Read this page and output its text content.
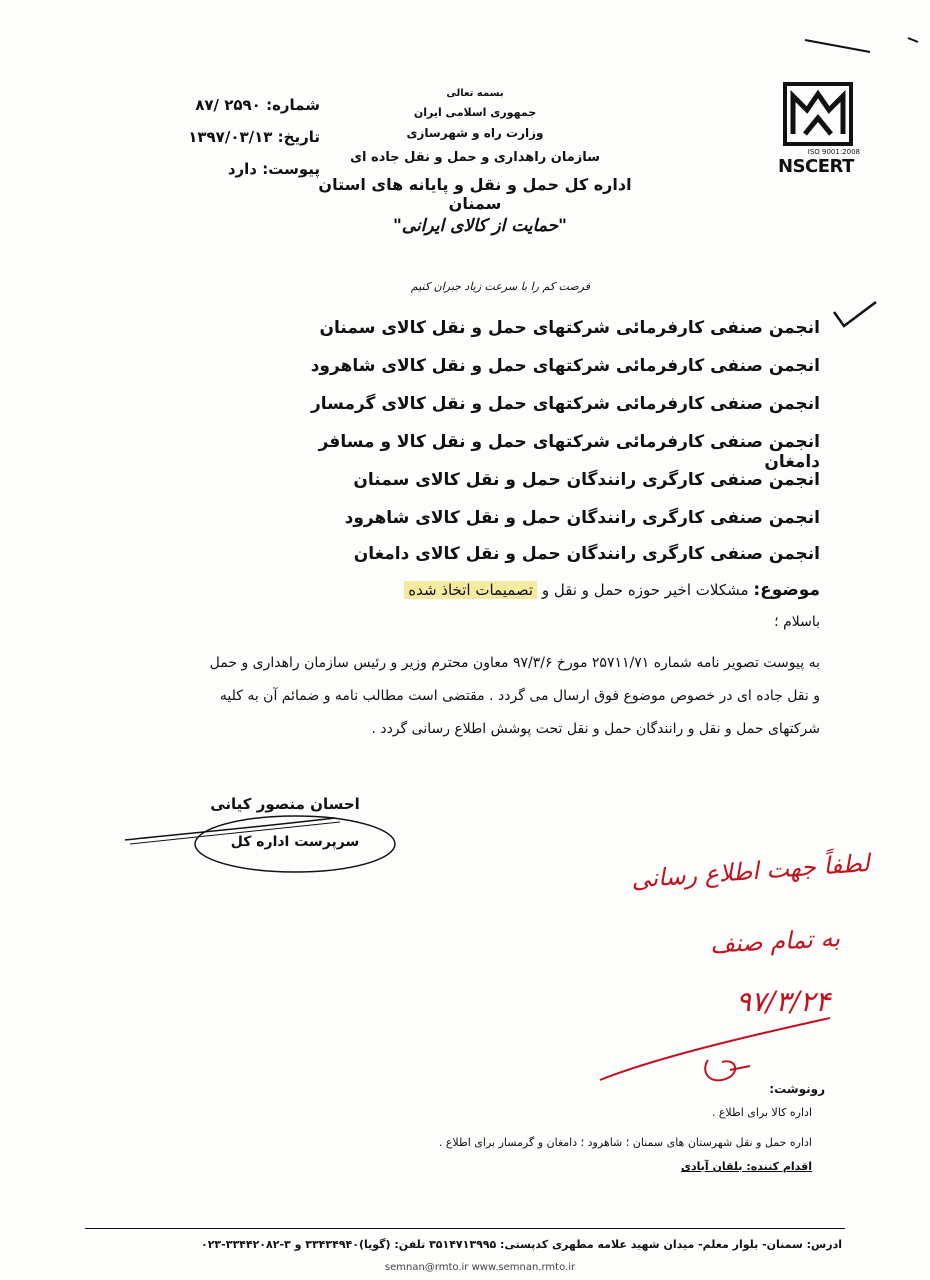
بسمه تعالی
جمهوری اسلامی ایران
وزارت راه و شهرسازی
سازمان راهداری و حمل و نقل جاده ای
اداره کل حمل و نقل و پایانه های استان سمنان
شماره: ۲۵۹۰ /۸۷
تاریخ: ۱۳۹۷/۰۳/۱۳
پیوست: دارد
ISO 9001:2008
NSCERT
"حمایت از کالای ایرانی"
فرصت کم را با سرعت زیاد جبران کنیم
انجمن صنفی کارفرمائی شرکتهای حمل و نقل کالای سمنان
انجمن صنفی کارفرمائی شرکتهای حمل و نقل کالای شاهرود
انجمن صنفی کارفرمائی شرکتهای حمل و نقل کالای گرمسار
انجمن صنفی کارفرمائی شرکتهای حمل و نقل کالا و مسافر دامغان
انجمن صنفی کارگری رانندگان حمل و نقل کالای سمنان
انجمن صنفی کارگری رانندگان حمل و نقل کالای شاهرود
انجمن صنفی کارگری رانندگان حمل و نقل کالای دامغان
موضوع: مشکلات اخیر حوزه حمل و نقل و تصمیمات اتخاذ شده
باسلام ؛
به پیوست تصویر نامه شماره ۲۵۷۱۱/۷۱ مورخ ۹۷/۳/۶ معاون محترم وزیر و رئیس سازمان راهداری و حمل
و نقل جاده ای در خصوص موضوع فوق ارسال می گردد . مقتضی است مطالب نامه و ضمائم آن به کلیه
شرکتهای حمل و نقل و رانندگان حمل و نقل تحت پوشش اطلاع رسانی گردد .
احسان منصور کیانی
سرپرست اداره کل
لطفاً جهت اطلاع رسانی
به تمام صنف
۹۷/۳/۲۴
رونوشت:
اداره کالا برای اطلاع .
اداره حمل و نقل شهرستان های سمنان ؛ شاهرود ؛ دامغان و گرمسار برای اطلاع .
اقدام کننده: بلقان آبادی
ادرس: سمنان- بلوار معلم- میدان شهید علامه مطهری کدپستی: ۳۵۱۴۷۱۳۹۹۵ تلفن: (گویا)۳۳۴۳۴۹۴۰ و ۳-۳۳۴۴۲۰۸۲-۰۲۳
semnan@rmto.ir www.semnan.rmto.ir
